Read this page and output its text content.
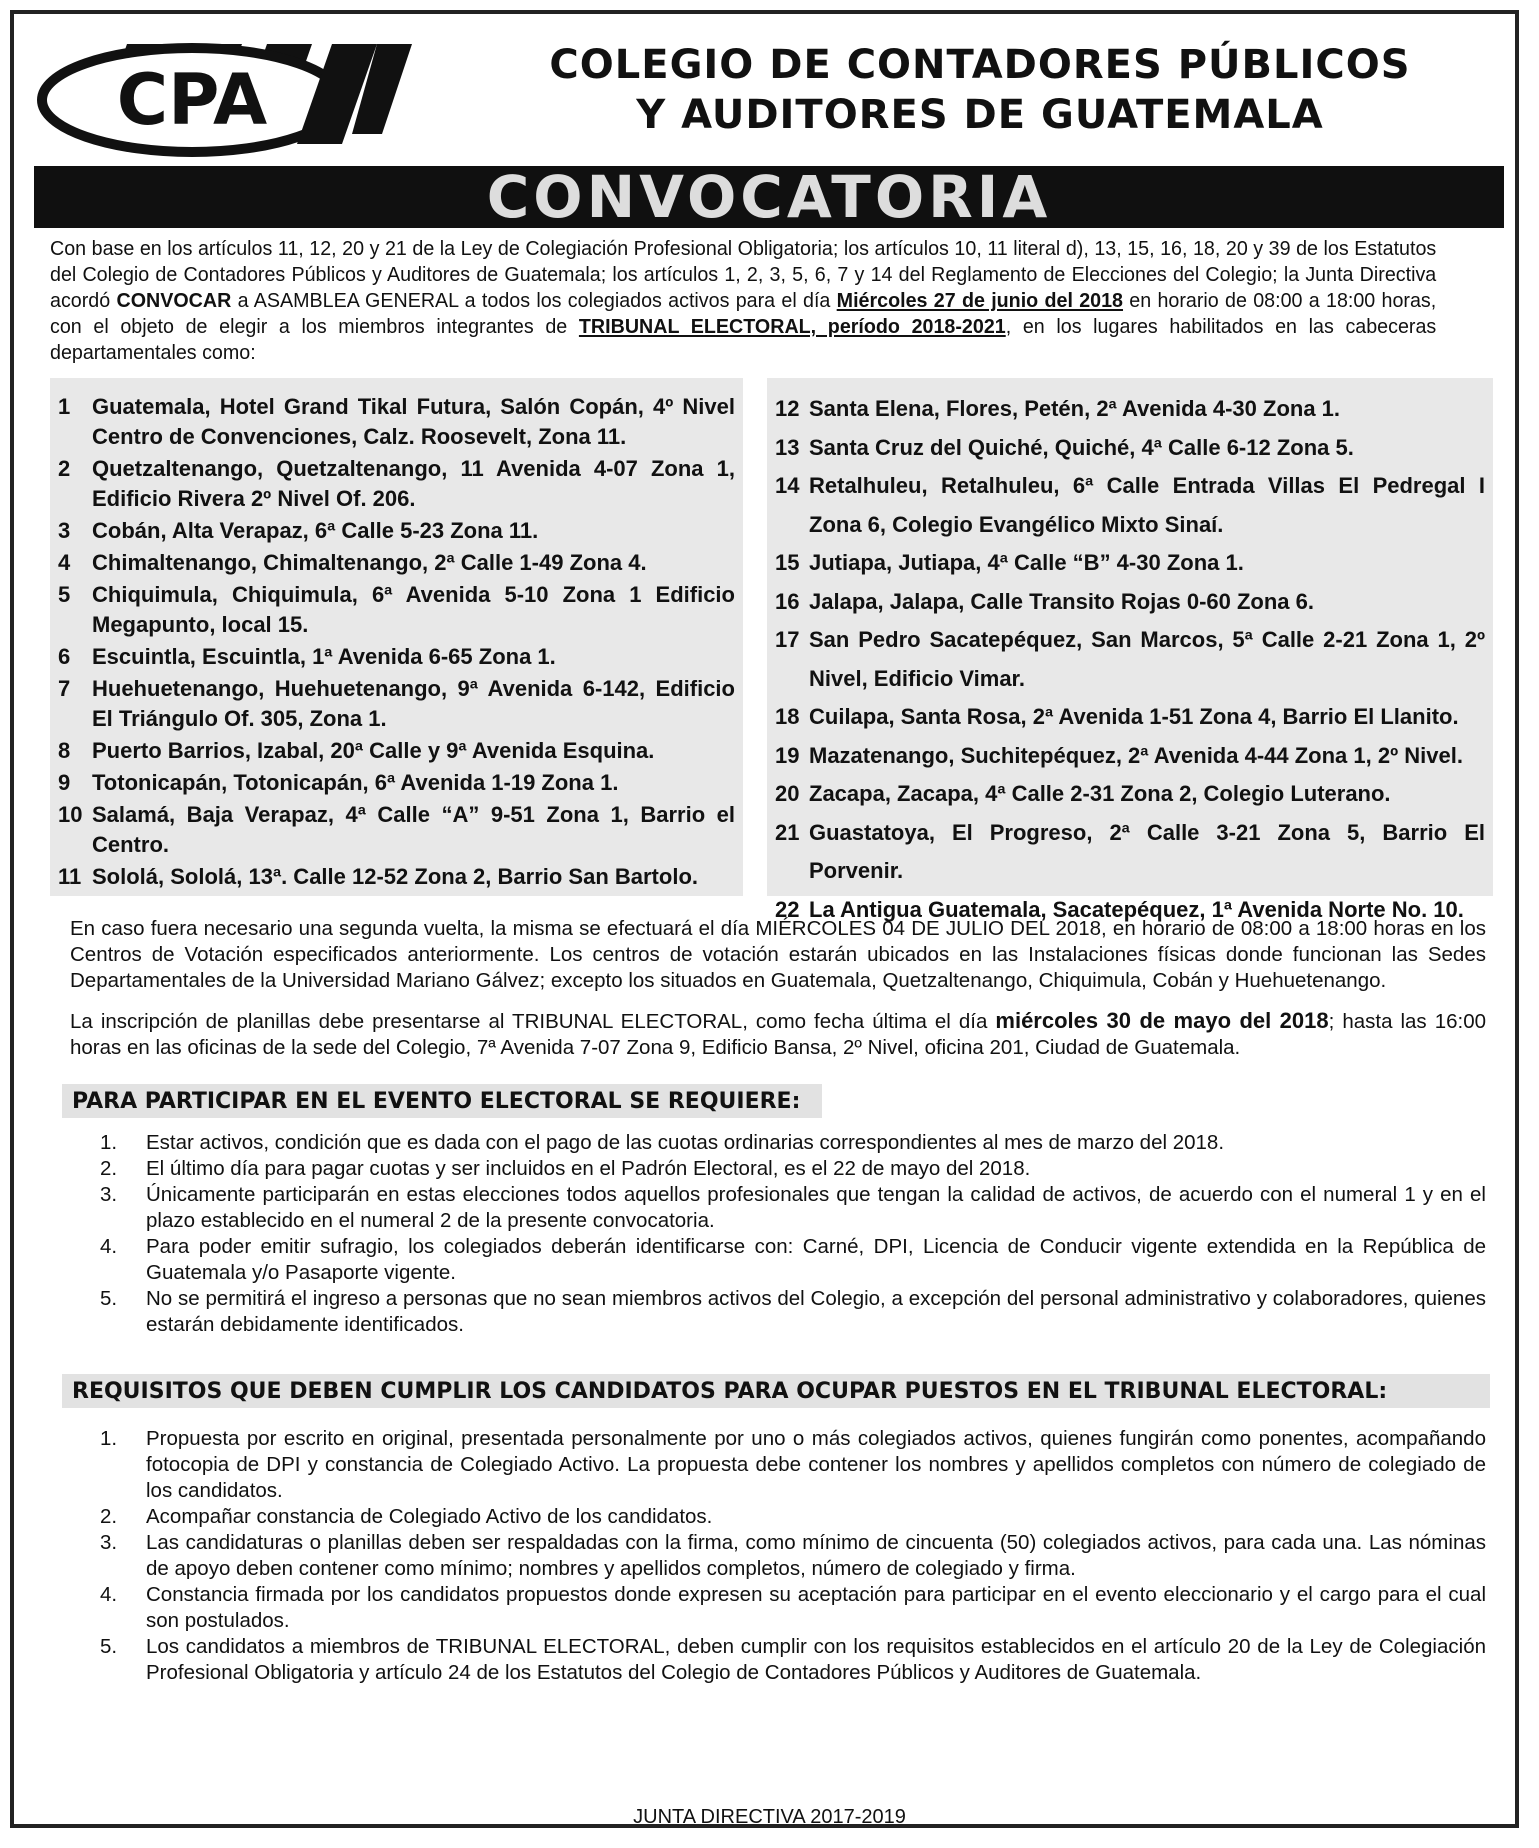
CPA	COLEGIO DE CONTADORES PÚBLICOS
Y AUDITORES DE GUATEMALA
CONVOCATORIA
Con base en los artículos 11, 12, 20 y 21 de la Ley de Colegiación Profesional Obligatoria; los artículos 10, 11 literal d), 13, 15, 16, 18, 20 y 39 de los Estatutos del Colegio de Contadores Públicos y Auditores de Guatemala; los artículos 1, 2, 3, 5, 6, 7 y 14 del Reglamento de Elecciones del Colegio; la Junta Directiva acordó CONVOCAR a ASAMBLEA GENERAL a todos los colegiados activos para el día Miércoles 27 de junio del 2018 en horario de 08:00 a 18:00 horas, con el objeto de elegir a los miembros integrantes de TRIBUNAL ELECTORAL, período 2018-2021, en los lugares habilitados en las cabeceras departamentales como:
1 Guatemala, Hotel Grand Tikal Futura, Salón Copán, 4º Nivel Centro de Convenciones, Calz. Roosevelt, Zona 11.
2 Quetzaltenango, Quetzaltenango, 11 Avenida 4-07 Zona 1, Edificio Rivera 2º Nivel Of. 206.
3 Cobán, Alta Verapaz, 6ª Calle 5-23 Zona 11.
4 Chimaltenango, Chimaltenango, 2ª Calle 1-49 Zona 4.
5 Chiquimula, Chiquimula, 6ª Avenida 5-10 Zona 1 Edificio Megapunto, local 15.
6 Escuintla, Escuintla, 1ª Avenida 6-65 Zona 1.
7 Huehuetenango, Huehuetenango, 9ª Avenida 6-142, Edificio El Triángulo Of. 305, Zona 1.
8 Puerto Barrios, Izabal, 20ª Calle y 9ª Avenida Esquina.
9 Totonicapán, Totonicapán, 6ª Avenida 1-19 Zona 1.
10 Salamá, Baja Verapaz, 4ª Calle “A” 9-51 Zona 1, Barrio el Centro.
11 Sololá, Sololá, 13ª. Calle 12-52 Zona 2, Barrio San Bartolo.
12 Santa Elena, Flores, Petén, 2ª Avenida 4-30 Zona 1.
13 Santa Cruz del Quiché, Quiché, 4ª Calle 6-12 Zona 5.
14 Retalhuleu, Retalhuleu, 6ª Calle Entrada Villas El Pedregal I Zona 6, Colegio Evangélico Mixto Sinaí.
15 Jutiapa, Jutiapa, 4ª Calle “B” 4-30 Zona 1.
16 Jalapa, Jalapa, Calle Transito Rojas 0-60 Zona 6.
17 San Pedro Sacatepéquez, San Marcos, 5ª Calle 2-21 Zona 1, 2º Nivel, Edificio Vimar.
18 Cuilapa, Santa Rosa, 2ª Avenida 1-51 Zona 4, Barrio El Llanito.
19 Mazatenango, Suchitepéquez, 2ª Avenida 4-44 Zona 1, 2º Nivel.
20 Zacapa, Zacapa, 4ª Calle 2-31 Zona 2, Colegio Luterano.
21 Guastatoya, El Progreso, 2ª Calle 3-21 Zona 5, Barrio El Porvenir.
22 La Antigua Guatemala, Sacatepéquez, 1ª Avenida Norte No. 10.
En caso fuera necesario una segunda vuelta, la misma se efectuará el día MIÉRCOLES 04 DE JULIO DEL 2018, en horario de 08:00 a 18:00 horas en los Centros de Votación especificados anteriormente. Los centros de votación estarán ubicados en las Instalaciones físicas donde funcionan las Sedes Departamentales de la Universidad Mariano Gálvez; excepto los situados en Guatemala, Quetzaltenango, Chiquimula, Cobán y Huehuetenango.
La inscripción de planillas debe presentarse al TRIBUNAL ELECTORAL, como fecha última el día miércoles 30 de mayo del 2018; hasta las 16:00 horas en las oficinas de la sede del Colegio, 7ª Avenida 7-07 Zona 9, Edificio Bansa, 2º Nivel, oficina 201, Ciudad de Guatemala.
PARA PARTICIPAR EN EL EVENTO ELECTORAL SE REQUIERE:
1.	Estar activos, condición que es dada con el pago de las cuotas ordinarias correspondientes al mes de marzo del 2018.
2.	El último día para pagar cuotas y ser incluidos en el Padrón Electoral, es el 22 de mayo del 2018.
3.	Únicamente participarán en estas elecciones todos aquellos profesionales que tengan la calidad de activos, de acuerdo con el numeral 1 y en el plazo establecido en el numeral 2 de la presente convocatoria.
4.	Para poder emitir sufragio, los colegiados deberán identificarse con: Carné, DPI, Licencia de Conducir vigente extendida en la República de Guatemala y/o Pasaporte vigente.
5.	No se permitirá el ingreso a personas que no sean miembros activos del Colegio, a excepción del personal administrativo y colaboradores, quienes estarán debidamente identificados.
REQUISITOS QUE DEBEN CUMPLIR LOS CANDIDATOS PARA OCUPAR PUESTOS EN EL TRIBUNAL ELECTORAL:
1.	Propuesta por escrito en original, presentada personalmente por uno o más colegiados activos, quienes fungirán como ponentes, acompañando fotocopia de DPI y constancia de Colegiado Activo. La propuesta debe contener los nombres y apellidos completos con número de colegiado de los candidatos.
2.	Acompañar constancia de Colegiado Activo de los candidatos.
3.	Las candidaturas o planillas deben ser respaldadas con la firma, como mínimo de cincuenta (50) colegiados activos, para cada una. Las nóminas de apoyo deben contener como mínimo; nombres y apellidos completos, número de colegiado y firma.
4.	Constancia firmada por los candidatos propuestos donde expresen su aceptación para participar en el evento eleccionario y el cargo para el cual son postulados.
5.	Los candidatos a miembros de TRIBUNAL ELECTORAL, deben cumplir con los requisitos establecidos en el artículo 20 de la Ley de Colegiación Profesional Obligatoria y artículo 24 de los Estatutos del Colegio de Contadores Públicos y Auditores de Guatemala.
JUNTA DIRECTIVA 2017-2019
